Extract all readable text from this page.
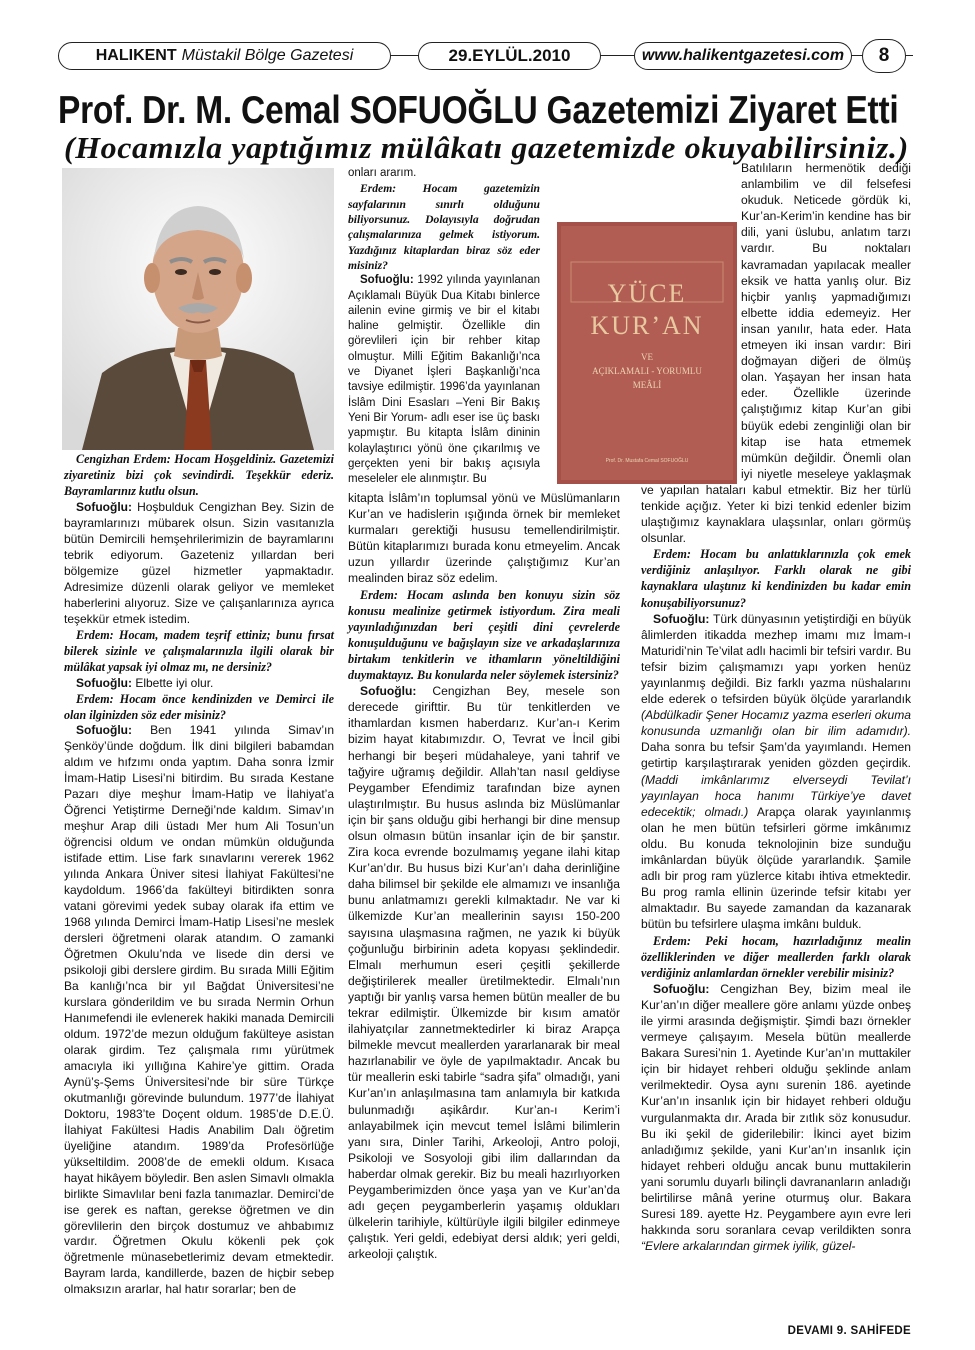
HALIKENT Müstakil Bölge Gazetesi	29.EYLÜL.2010	www.halikentgazetesi.com	8
Prof. Dr. M. Cemal SOFUOĞLU Gazetemizi Ziyaret Etti
(Hocamızla yaptığımız mülâkatı gazetemizde okuyabilirsiniz.)
YÜCE
KUR’AN
VE
AÇIKLAMALI - YORUMLU
MEÂLİ
Prof. Dr. Mustafa Cemal SOFUOĞLU

Cengizhan Erdem: Hocam Hoşgeldiniz. Gazetemizi ziyaretiniz bizi çok sevindirdi. Teşekkür ederiz. Bayramlarınız kutlu olsun.

Sofuoğlu: Hoşbulduk Cengizhan Bey. Sizin de bayramlarınızı mübarek olsun. Sizin vasıtanızla bütün Demircili hemşehrilerimizin de bayramlarını tebrik ediyorum. Gazeteniz yıllardan beri bölgemize güzel hizmetler yapmaktadır. Adresimize düzenli olarak geliyor ve memleket haberlerini alıyoruz. Size ve çalışanlarınıza ayrıca teşekkür etmek istedim.

Erdem: Hocam, madem teşrif ettiniz; bunu fırsat bilerek sizinle ve çalışmalarınızla ilgili olarak bir mülâkat yapsak iyi olmaz mı, ne dersiniz?

Sofuoğlu: Elbette iyi olur.

Erdem: Hocam önce kendinizden ve Demirci ile olan ilginizden söz eder misiniz?

Sofuoğlu: Ben 1941 yılında Simav’ın Şenköy’ünde doğdum. İlk dini bilgileri babamdan aldım ve hıfzımı onda yaptım. Daha sonra İzmir İmam-Hatip Lisesi’ni bitirdim. Bu sırada Kestane Pazarı diye meşhur İmam-Hatip ve İlahiyat’a Öğrenci Yetiştirme Derneği’nde kaldım. Simav’ın meşhur Arap dili üstadı Mer hum Ali Tosun’un öğrencisi oldum ve ondan mümkün olduğunda istifade ettim. Lise fark sınavlarını vererek 1962 yılında Ankara Üniver sitesi İlahiyat Fakültesi’ne kaydoldum. 1966’da fakülteyi bitirdikten sonra vatani görevimi yedek subay olarak ifa ettim ve 1968 yılında Demirci İmam-Hatip Lisesi’ne meslek dersleri öğretmeni olarak atandım. O zamanki Öğretmen Okulu’nda ve lisede din dersi ve psikoloji gibi derslere girdim. Bu sırada Milli Eğitim Ba kanlığı’nca bir yıl Bağdat Üniversitesi’ne kurslara gönderildim ve bu sırada Nermin Orhun Hanımefendi ile evlenerek hakiki manada Demircili oldum. 1972’de mezun olduğum fakülteye asistan olarak girdim. Tez çalışmala rımı yürütmek amacıyla iki yıllığına Kahire’ye gittim. Orada Aynü’ş-Şems Üniversitesi’nde bir süre Türkçe okutmanlığı görevinde bulundum. 1977’de İlahiyat Doktoru, 1983’te Doçent oldum. 1985’de D.E.Ü. İlahiyat Fakültesi Hadis Anabilim Dalı öğretim üyeliğine atandım. 1989’da Profesörlüğe yükseltildim. 2008’de de emekli oldum. Kısaca hayat hikâyem böyledir. Ben aslen Simavlı olmakla birlikte Simavlılar beni fazla tanımazlar. Demirci’de ise gerek es naftan, gerekse öğretmen ve din görevlilerin den birçok dostumuz ve ahbabımız vardır. Öğretmen Okulu kökenli pek çok öğretmenle münasebetlerimiz devam etmektedir. Bayram larda, kandillerde, bazen de hiçbir sebep olmaksızın ararlar, hal hatır sorarlar; ben de

onları ararım.

Erdem: Hocam gazetemizin sayfalarının sınırlı olduğunu biliyorsunuz. Dolayısıyla doğrudan çalışmalarınıza gelmek istiyorum. Yazdığınız kitaplardan biraz söz eder misiniz?

Sofuoğlu: 1992 yılında yayınlanan Açıklamalı Büyük Dua Kitabı binlerce ailenin evine girmiş ve bir el kitabı haline gelmiştir. Özellikle din görevlileri için bir rehber kitap olmuştur. Milli Eğitim Bakanlığı’nca ve Diyanet İşleri Başkanlığı’nca tavsiye edilmiştir. 1996’da yayınlanan İslâm Dini Esasları –Yeni Bir Bakış Yeni Bir Yorum- adlı eser ise üç baskı yapmıştır. Bu kitapta İslâm dininin kolaylaştırıcı yönü öne çıkarılmış ve gerçekten yeni bir bakış açısıyla meseleler ele alınmıştır. Bu

kitapta İslâm’ın toplumsal yönü ve Müslümanların Kur’an ve hadislerin ışığında örnek bir memleket kurmaları gerektiği hususu temellendirilmiştir. Bütün kitaplarımızı burada konu etmeyelim. Ancak uzun yıllardır üzerinde çalıştığımız Kur’an mealinden biraz söz edelim.

Erdem: Hocam aslında ben konuyu sizin söz konusu mealinize getirmek istiyordum. Zira meali yayınladığınızdan beri çeşitli dini çevrelerde konuşulduğunu ve bağışlayın size ve arkadaşlarınıza birtakım tenkitlerin ve ithamların yöneltildiğini duymaktayız. Bu konularda neler söylemek istersiniz?

Sofuoğlu: Cengizhan Bey, mesele son derecede girifttir. Bu tür tenkitlerden ve ithamlardan kısmen haberdarız. Kur’an-ı Kerim bizim hayat kitabımızdır. O, Tevrat ve İncil gibi herhangi bir beşeri müdahaleye, yani tahrif ve tağyire uğramış değildir. Allah’tan nasıl geldiyse Peygamber Efendimiz tarafından bize aynen ulaştırılmıştır. Bu husus aslında biz Müslümanlar için bir şans olduğu gibi herhangi bir dine mensup olsun olmasın bütün insanlar için de bir şanstır. Zira koca evrende bozulmamış yegane ilahi kitap Kur’an’dır. Bu husus bizi Kur’an’ı daha derinliğine daha bilimsel bir şekilde ele almamızı ve insanlığa bunu anlatmamızı gerekli kılmaktadır. Ne var ki ülkemizde Kur’an meallerinin sayısı 150-200 sayısına ulaşmasına rağmen, ne yazık ki büyük çoğunluğu birbirinin adeta kopyası şeklindedir. Elmalı merhumun eseri çeşitli şekillerde değiştirilerek mealler üretilmektedir. Elmalı’nın yaptığı bir yanlış varsa hemen bütün mealler de bu tekrar edilmiştir. Ülkemizde bir kısım amatör ilahiyatçılar zannetmektedirler ki biraz Arapça bilmekle mevcut meallerden yararlanarak bir meal hazırlanabilir ve öyle de yapılmaktadır. Ancak bu tür meallerin eski tabirle “sadra şifa” olmadığı, yani Kur’an’ın anlaşılmasına tam anlamıyla bir katkıda bulunmadığı aşikârdır. Kur’an-ı Kerim’i anlayabilmek için mevcut temel İslâmi bilimlerin yanı sıra, Dinler Tarihi, Arkeoloji, Antro poloji, Psikoloji ve Sosyoloji gibi ilim dallarından da haberdar olmak gerekir. Biz bu meali hazırlıyorken Peygamberimizden önce yaşa yan ve Kur’an’da adı geçen peygamberlerin yaşamış oldukları ülkelerin tarihiyle, kültürüyle ilgili bilgiler edinmeye çalıştık. Yeri geldi, edebiyat dersi aldık; yeri geldi, arkeoloji çalıştık.

Batılıların hermenötik dediği anlambilim ve dil felsefesi okuduk. Neticede gördük ki, Kur’an-Kerim’in kendine has bir dili, yani üslubu, anlatım tarzı vardır. Bu noktaları kavramadan yapılacak mealler eksik ve hatta yanlış olur. Biz hiçbir yanlış yapmadığımızı elbette iddia edemeyiz. Her insan yanılır, hata eder. Hata etmeyen iki insan vardır: Biri doğmayan diğeri de ölmüş olan. Yaşayan her insan hata eder. Özellikle üzerinde çalıştığımız kitap Kur’an gibi büyük edebi zenginliği olan bir kitap ise hata etmemek mümkün değildir. Önemli olan iyi niyetle meseleye yaklaşmak ve yapılan hataları kabul etmektir. Biz her türlü tenkide açığız. Yeter ki bizi tenkid edenler bizim ulaştığımız kaynaklara ulaşsınlar, onları görmüş olsunlar.

Erdem: Hocam bu anlattıklarınızla çok emek verdiğiniz anlaşılıyor. Farklı olarak ne gibi kaynaklara ulaştınız ki kendinizden bu kadar emin konuşabiliyorsunuz?

Sofuoğlu: Türk dünyasının yetiştirdiği en büyük âlimlerden itikadda mezhep imamı mız İmam-ı Maturidi’nin Te’vilat adlı hacimli bir tefsiri vardır. Bu tefsir bizim çalışmamızı yapı yorken henüz yayınlanmış değildi. Biz farklı yazma nüshalarını elde ederek o tefsirden büyük ölçüde yararlandık (Abdülkadir Şener Hocamız yazma eserleri okuma konusunda uzmanlığı olan bir ilim adamıdır). Daha sonra bu tefsir Şam’da yayımlandı. Hemen getirtip karşılaştırarak yeniden gözden geçirdik. (Maddi imkânlarımız elverseydi Tevilat’ı yayınlayan hoca hanımı Türkiye’ye davet edecektik; olmadı.) Arapça olarak yayınlanmış olan he men bütün tefsirleri görme imkânımız oldu. Bu konuda teknolojinin bize sunduğu imkânlardan büyük ölçüde yararlandık. Şamile adlı bir prog ram yüzlerce kitabı ihtiva etmektedir. Bu prog ramla ellinin üzerinde tefsir kitabı yer almaktadır. Bu sayede zamandan da kazanarak bütün bu tefsirlere ulaşma imkânı bulduk.

Erdem: Peki hocam, hazırladığınız mealin özelliklerinden ve diğer meallerden farklı olarak verdiğiniz anlamlardan örnekler verebilir misiniz?

Sofuoğlu: Cengizhan Bey, bizim meal ile Kur’an’ın diğer meallere göre anlamı yüzde onbeş ile yirmi arasında değişmiştir. Şimdi bazı örnekler vermeye çalışayım. Mesela bütün meallerde Bakara Suresi’nin 1. Ayetinde Kur’an’ın muttakiler için bir hidayet rehberi olduğu şeklinde anlam verilmektedir. Oysa aynı surenin 186. ayetinde Kur’an’ın insanlık için bir hidayet rehberi olduğu vurgulanmakta dır. Arada bir zıtlık söz konusudur. Bu iki şekil de giderilebilir: İkinci ayet bizim anladığımız şekilde, yani Kur’an’ın insanlık için hidayet rehberi olduğu ancak bunu muttakilerin yani sorumlu duyarlı bilinçli davrananların anladığı belirtilirse mânâ yerine oturmuş olur. Bakara Suresi 189. ayette Hz. Peygambere ayın evre leri hakkında soru soranlara cevap verildikten sonra “Evlere arkalarından girmek iyilik, güzel-

DEVAMI 9. SAHİFEDE
